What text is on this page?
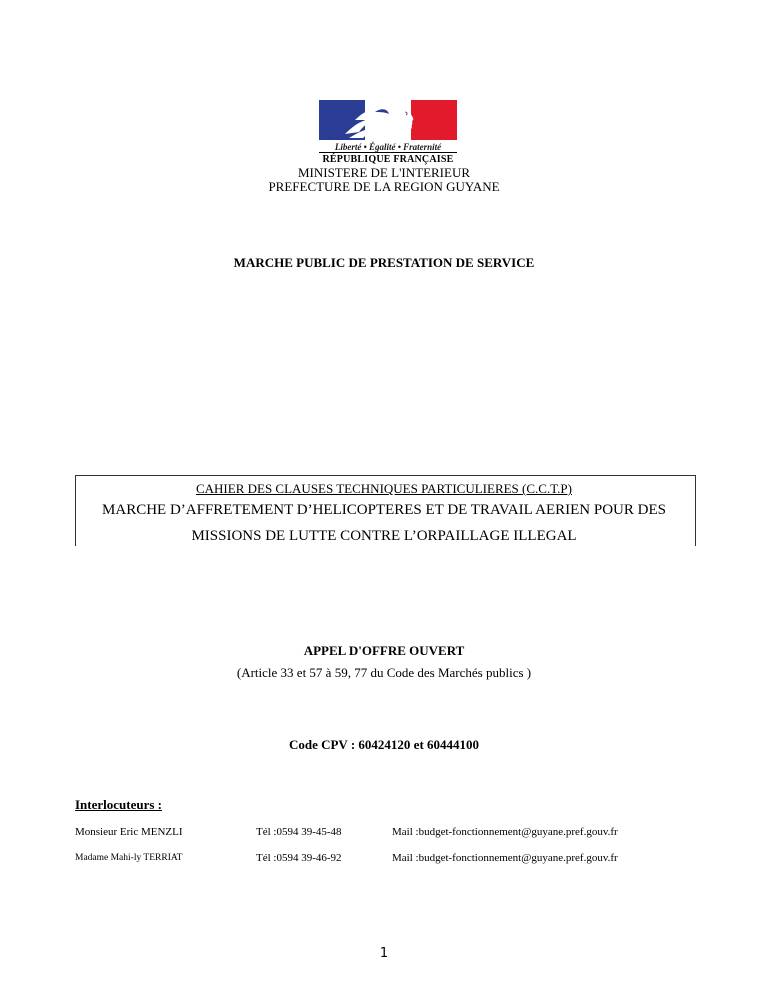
Liberté • Égalité • Fraternité
RÉPUBLIQUE FRANÇAISE
MINISTERE DE L'INTERIEUR
PREFECTURE DE LA REGION GUYANE
MARCHE PUBLIC DE PRESTATION DE SERVICE
CAHIER DES CLAUSES TECHNIQUES PARTICULIERES (C.C.T.P)
MARCHE D’AFFRETEMENT D’HELICOPTERES ET DE TRAVAIL AERIEN POUR DES
MISSIONS DE LUTTE CONTRE L’ORPAILLAGE ILLEGAL
APPEL D'OFFRE OUVERT
(Article 33 et 57 à 59, 77 du Code des Marchés publics )
Code CPV : 60424120 et 60444100
Interlocuteurs :
Monsieur Eric MENZLI	Tél :0594 39-45-48	Mail :budget-fonctionnement@guyane.pref.gouv.fr
Madame Mahi-ly TERRIAT	Tél :0594 39-46-92	Mail :budget-fonctionnement@guyane.pref.gouv.fr
1
